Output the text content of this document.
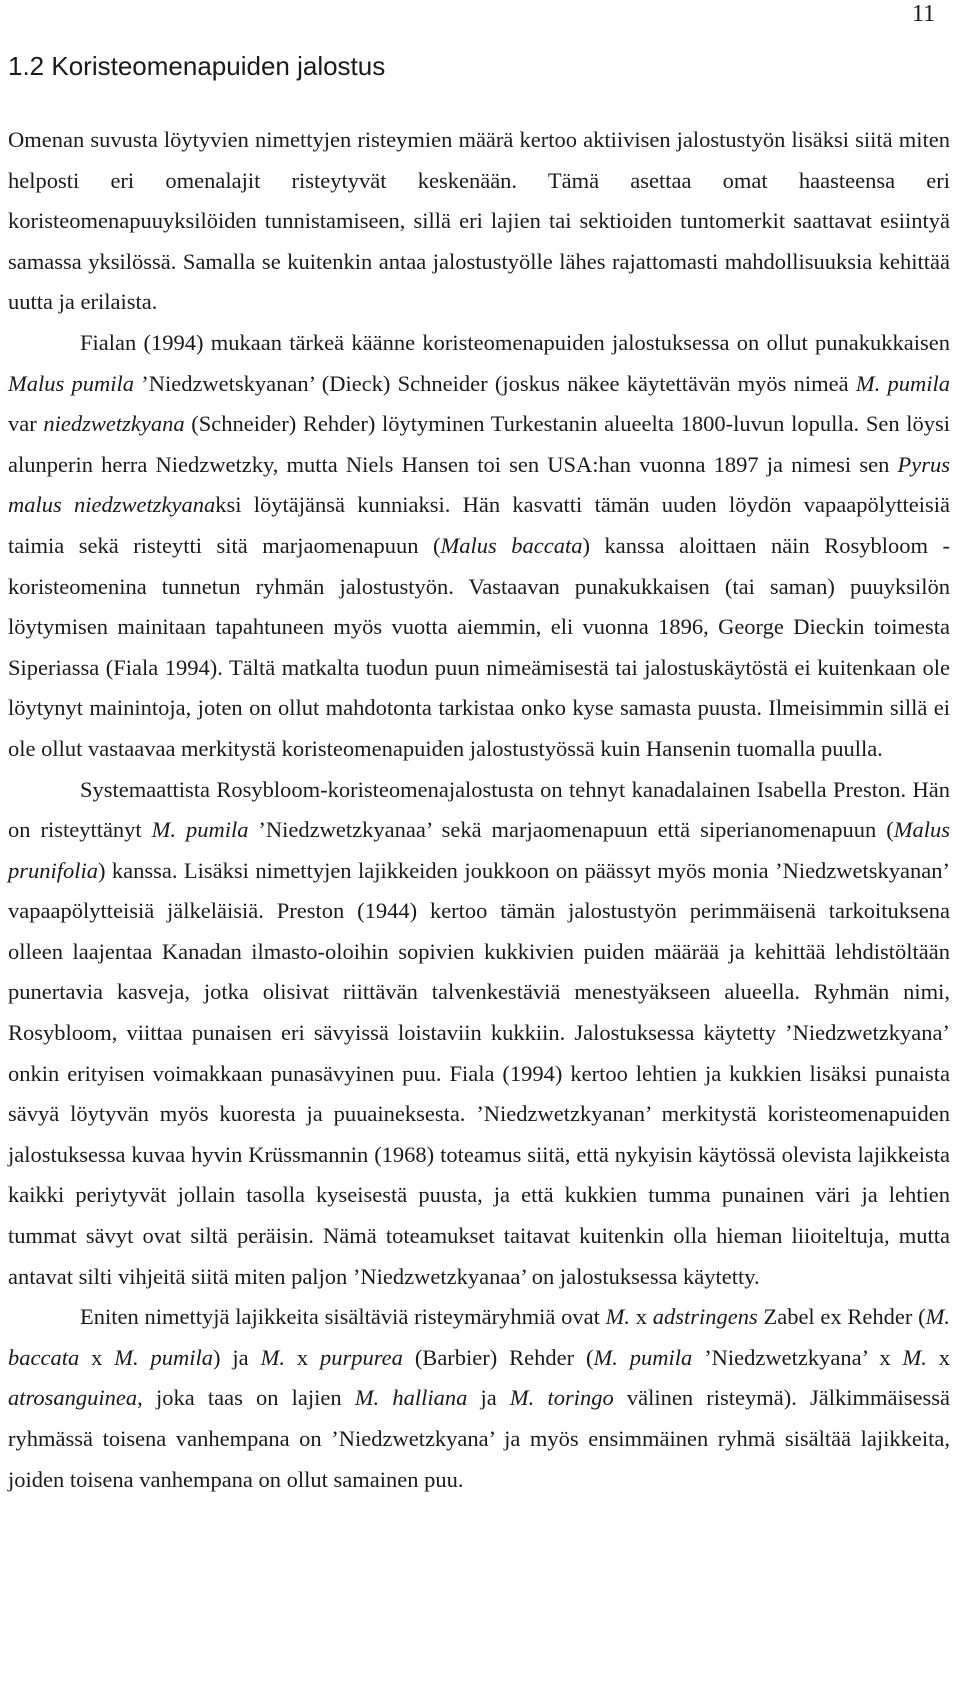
11
1.2 Koristeomenapuiden jalostus

Omenan suvusta löytyvien nimettyjen risteymien määrä kertoo aktiivisen jalostustyön lisäksi siitä miten helposti eri omenalajit risteytyvät keskenään. Tämä asettaa omat haasteensa eri koristeomenapuuyksilöiden tunnistamiseen, sillä eri lajien tai sektioiden tuntomerkit saattavat esiintyä samassa yksilössä. Samalla se kuitenkin antaa jalostustyölle lähes rajattomasti mahdollisuuksia kehittää uutta ja erilaista.

Fialan (1994) mukaan tärkeä käänne koristeomenapuiden jalostuksessa on ollut punakukkaisen Malus pumila ’Niedzwetskyanan’ (Dieck) Schneider (joskus näkee käytettävän myös nimeä M. pumila var niedzwetzkyana (Schneider) Rehder) löytyminen Turkestanin alueelta 1800-luvun lopulla. Sen löysi alunperin herra Niedzwetzky, mutta Niels Hansen toi sen USA:han vuonna 1897 ja nimesi sen Pyrus malus niedzwetzkyanaksi löytäjänsä kunniaksi. Hän kasvatti tämän uuden löydön vapaapölytteisiä taimia sekä risteytti sitä marjaomenapuun (Malus baccata) kanssa aloittaen näin Rosybloom -koristeomenina tunnetun ryhmän jalostustyön. Vastaavan punakukkaisen (tai saman) puuyksilön löytymisen mainitaan tapahtuneen myös vuotta aiemmin, eli vuonna 1896, George Dieckin toimesta Siperiassa (Fiala 1994). Tältä matkalta tuodun puun nimeämisestä tai jalostuskäytöstä ei kuitenkaan ole löytynyt mainintoja, joten on ollut mahdotonta tarkistaa onko kyse samasta puusta. Ilmeisimmin sillä ei ole ollut vastaavaa merkitystä koristeomenapuiden jalostustyössä kuin Hansenin tuomalla puulla.

Systemaattista Rosybloom-koristeomenajalostusta on tehnyt kanadalainen Isabella Preston. Hän on risteyttänyt M. pumila ’Niedzwetzkyanaa’ sekä marjaomenapuun että siperianomenapuun (Malus prunifolia) kanssa. Lisäksi nimettyjen lajikkeiden joukkoon on päässyt myös monia ’Niedzwetskyanan’ vapaapölytteisiä jälkeläisiä. Preston (1944) kertoo tämän jalostustyön perimmäisenä tarkoituksena olleen laajentaa Kanadan ilmasto-oloihin sopivien kukkivien puiden määrää ja kehittää lehdistöltään punertavia kasveja, jotka olisivat riittävän talvenkestäviä menestyäkseen alueella. Ryhmän nimi, Rosybloom, viittaa punaisen eri sävyissä loistaviin kukkiin. Jalostuksessa käytetty ’Niedzwetzkyana’ onkin erityisen voimakkaan punasävyinen puu. Fiala (1994) kertoo lehtien ja kukkien lisäksi punaista sävyä löytyvän myös kuoresta ja puuaineksesta. ’Niedzwetzkyanan’ merkitystä koristeomenapuiden jalostuksessa kuvaa hyvin Krüssmannin (1968) toteamus siitä, että nykyisin käytössä olevista lajikkeista kaikki periytyvät jollain tasolla kyseisestä puusta, ja että kukkien tumma punainen väri ja lehtien tummat sävyt ovat siltä peräisin. Nämä toteamukset taitavat kuitenkin olla hieman liioiteltuja, mutta antavat silti vihjeitä siitä miten paljon ’Niedzwetzkyanaa’ on jalostuksessa käytetty.

Eniten nimettyjä lajikkeita sisältäviä risteymäryhmiä ovat M. x adstringens Zabel ex Rehder (M. baccata x M. pumila) ja M. x purpurea (Barbier) Rehder (M. pumila ’Niedzwetzkyana’ x M. x atrosanguinea, joka taas on lajien M. halliana ja M. toringo välinen risteymä). Jälkimmäisessä ryhmässä toisena vanhempana on ’Niedzwetzkyana’ ja myös ensimmäinen ryhmä sisältää lajikkeita, joiden toisena vanhempana on ollut samainen puu.
